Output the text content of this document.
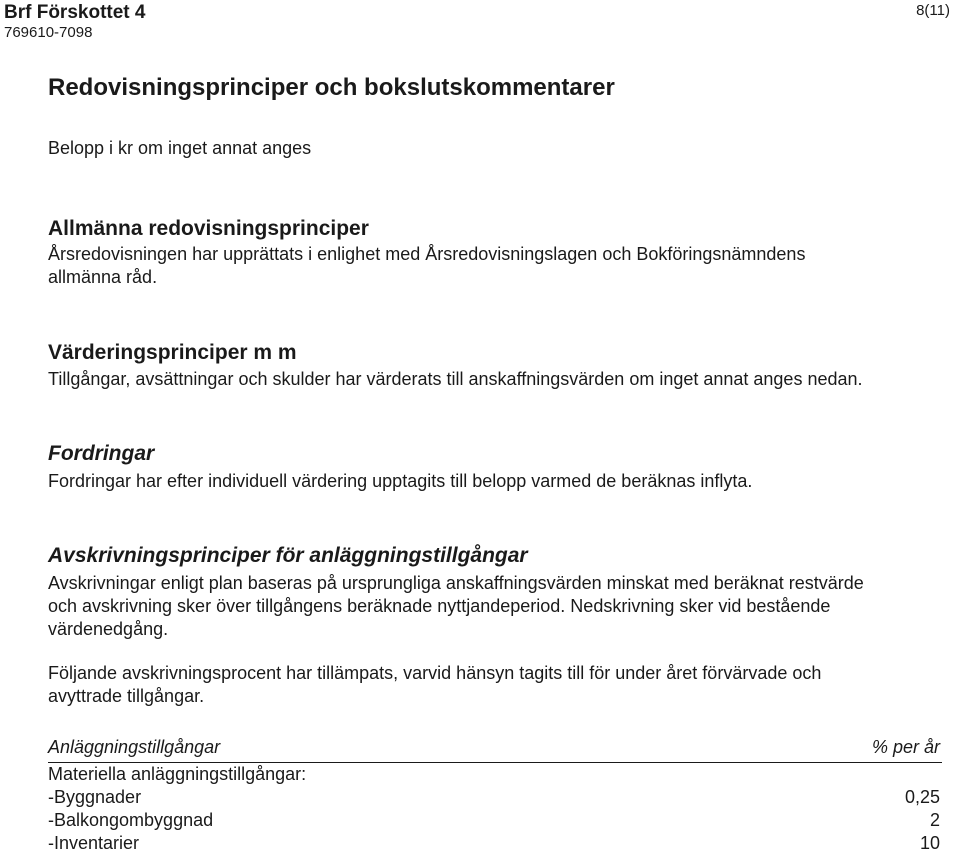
Brf Förskottet 4
769610-7098
8(11)
Redovisningsprinciper och bokslutskommentarer
Belopp i kr om inget annat anges
Allmänna redovisningsprinciper
Årsredovisningen har upprättats i enlighet med Årsredovisningslagen och Bokföringsnämndens
allmänna råd.
Värderingsprinciper m m
Tillgångar, avsättningar och skulder har värderats till anskaffningsvärden om inget annat anges nedan.
Fordringar
Fordringar har efter individuell värdering upptagits till belopp varmed de beräknas inflyta.
Avskrivningsprinciper för anläggningstillgångar
Avskrivningar enligt plan baseras på ursprungliga anskaffningsvärden minskat med beräknat restvärde
och avskrivning sker över tillgångens beräknade nyttjandeperiod. Nedskrivning sker vid bestående
värdenedgång.
Följande avskrivningsprocent har tillämpats, varvid hänsyn tagits till för under året förvärvade och
avyttrade tillgångar.
Anläggningstillgångar	% per år
Materiella anläggningstillgångar:
-Byggnader	0,25
-Balkongombyggnad	2
-Inventarier	10
